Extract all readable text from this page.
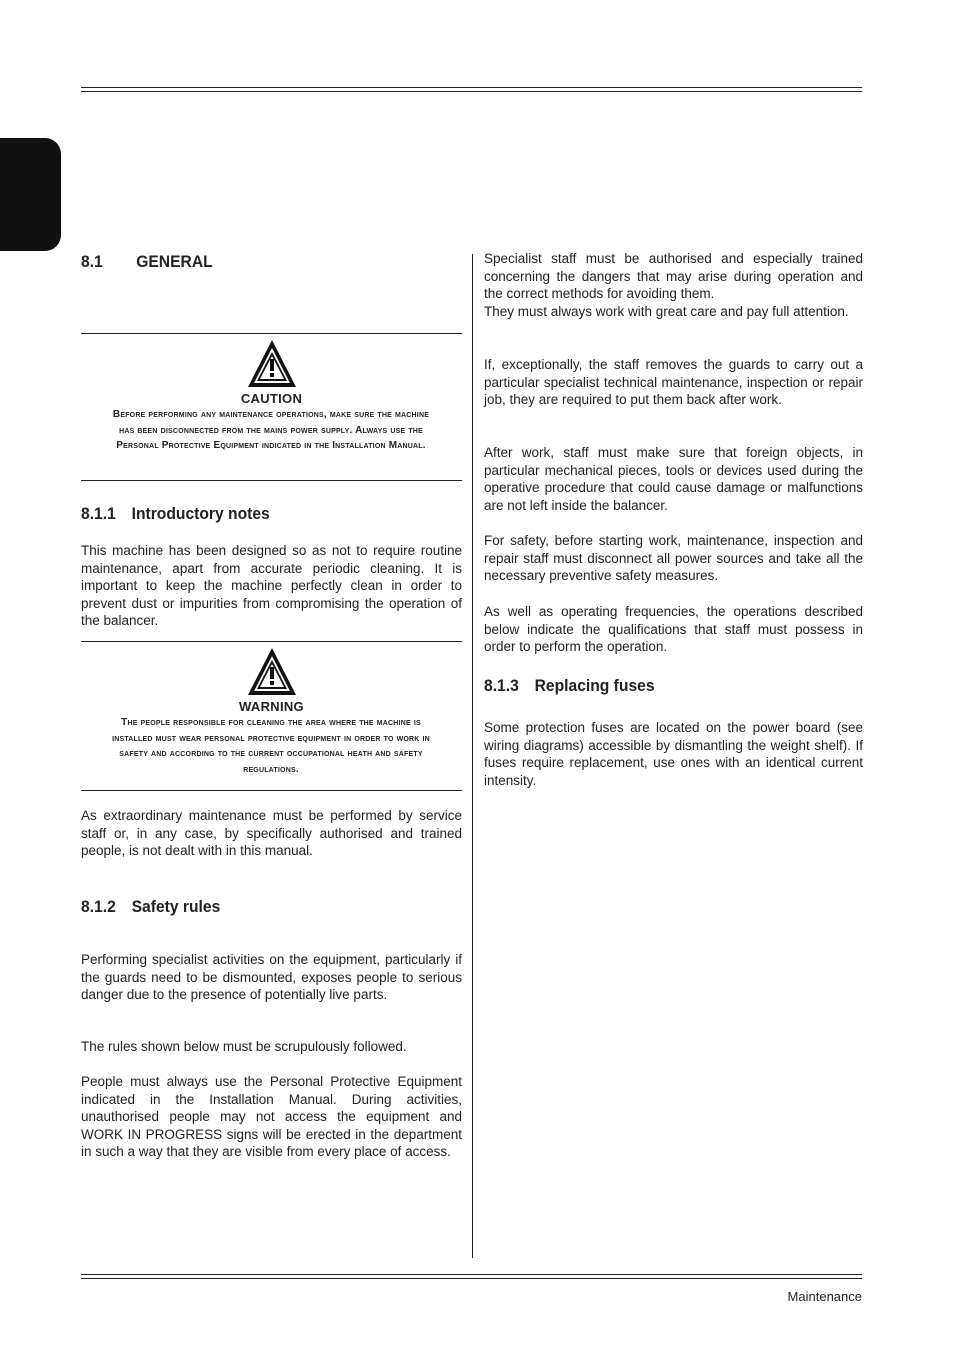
8.1 GENERAL
CAUTION
Before performing any maintenance operations, make sure the machine has been disconnected from the mains power supply. Always use the Personal Protective Equipment indicated in the Installation Manual.
8.1.1 Introductory notes

This machine has been designed so as not to require routine maintenance, apart from accurate periodic cleaning. It is important to keep the machine perfectly clean in order to prevent dust or impurities from compromising the operation of the balancer.

WARNING
The people responsible for cleaning the area where the machine is installed must wear personal protective equipment in order to work in safety and according to the current occupational heath and safety regulations.

As extraordinary maintenance must be performed by service staff or, in any case, by specifically authorised and trained people, is not dealt with in this manual.

8.1.2 Safety rules

Performing specialist activities on the equipment, particularly if the guards need to be dismounted, exposes people to serious danger due to the presence of potentially live parts.

The rules shown below must be scrupulously followed.

People must always use the Personal Protective Equipment indicated in the Installation Manual. During activities, unauthorised people may not access the equipment and WORK IN PROGRESS signs will be erected in the department in such a way that they are visible from every place of access.

Specialist staff must be authorised and especially trained concerning the dangers that may arise during operation and the correct methods for avoiding them.

They must always work with great care and pay full attention.

If, exceptionally, the staff removes the guards to carry out a particular specialist technical maintenance, inspection or repair job, they are required to put them back after work.

After work, staff must make sure that foreign objects, in particular mechanical pieces, tools or devices used during the operative procedure that could cause damage or malfunctions are not left inside the balancer.

For safety, before starting work, maintenance, inspection and repair staff must disconnect all power sources and take all the necessary preventive safety measures.

As well as operating frequencies, the operations described below indicate the qualifications that staff must possess in order to perform the operation.

8.1.3 Replacing fuses

Some protection fuses are located on the power board (see wiring diagrams) accessible by dismantling the weight shelf). If fuses require replacement, use ones with an identical current intensity.

Maintenance
